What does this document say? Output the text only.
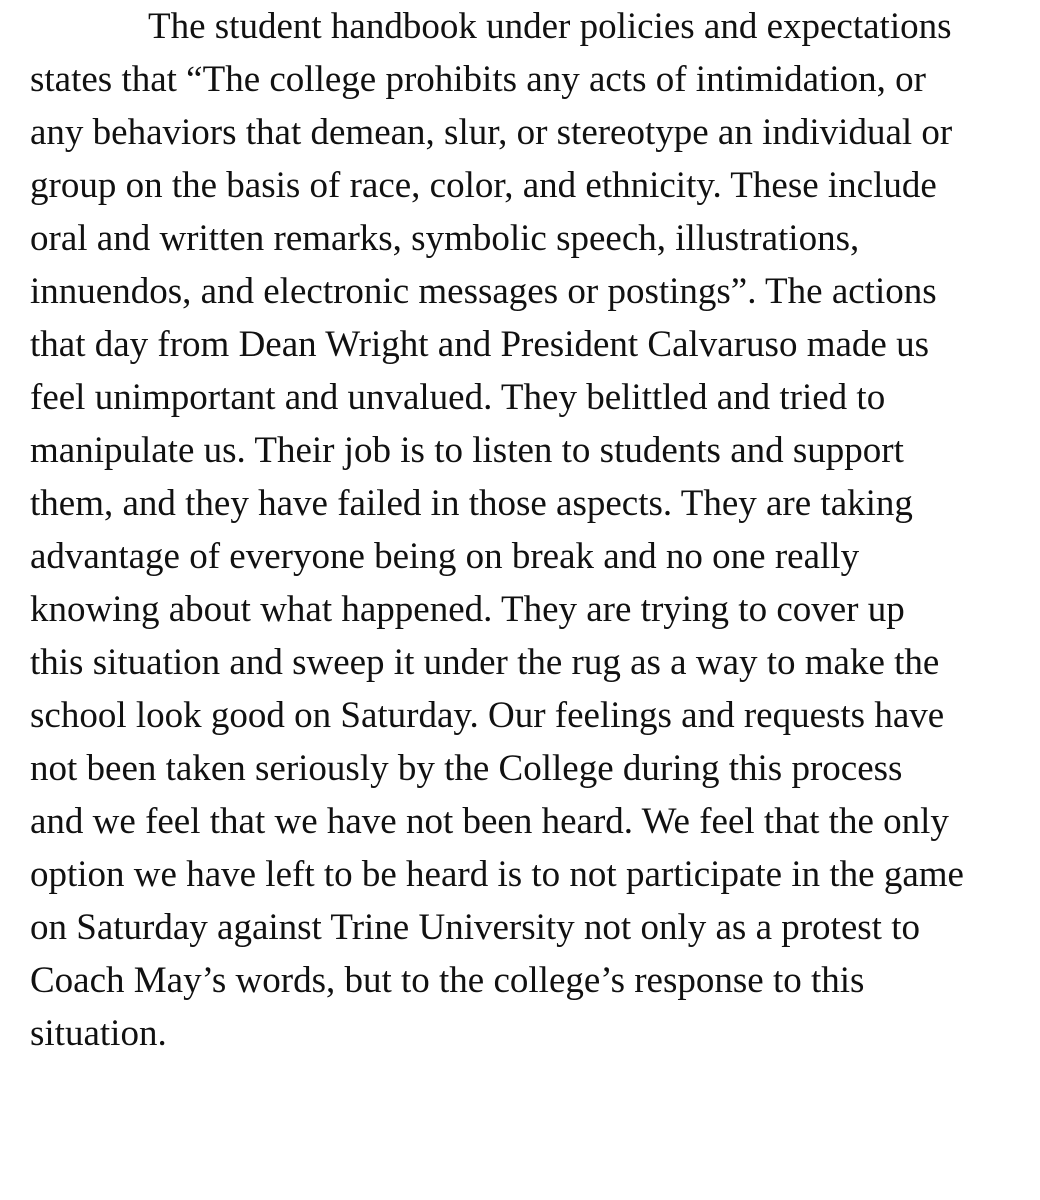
The student handbook under policies and expectations
states that “The college prohibits any acts of intimidation, or
any behaviors that demean, slur, or stereotype an individual or
group on the basis of race, color, and ethnicity. These include
oral and written remarks, symbolic speech, illustrations,
innuendos, and electronic messages or postings”. The actions
that day from Dean Wright and President Calvaruso made us
feel unimportant and unvalued. They belittled and tried to
manipulate us. Their job is to listen to students and support
them, and they have failed in those aspects. They are taking
advantage of everyone being on break and no one really
knowing about what happened. They are trying to cover up
this situation and sweep it under the rug as a way to make the
school look good on Saturday. Our feelings and requests have
not been taken seriously by the College during this process
and we feel that we have not been heard. We feel that the only
option we have left to be heard is to not participate in the game
on Saturday against Trine University not only as a protest to
Coach May’s words, but to the college’s response to this
situation.
